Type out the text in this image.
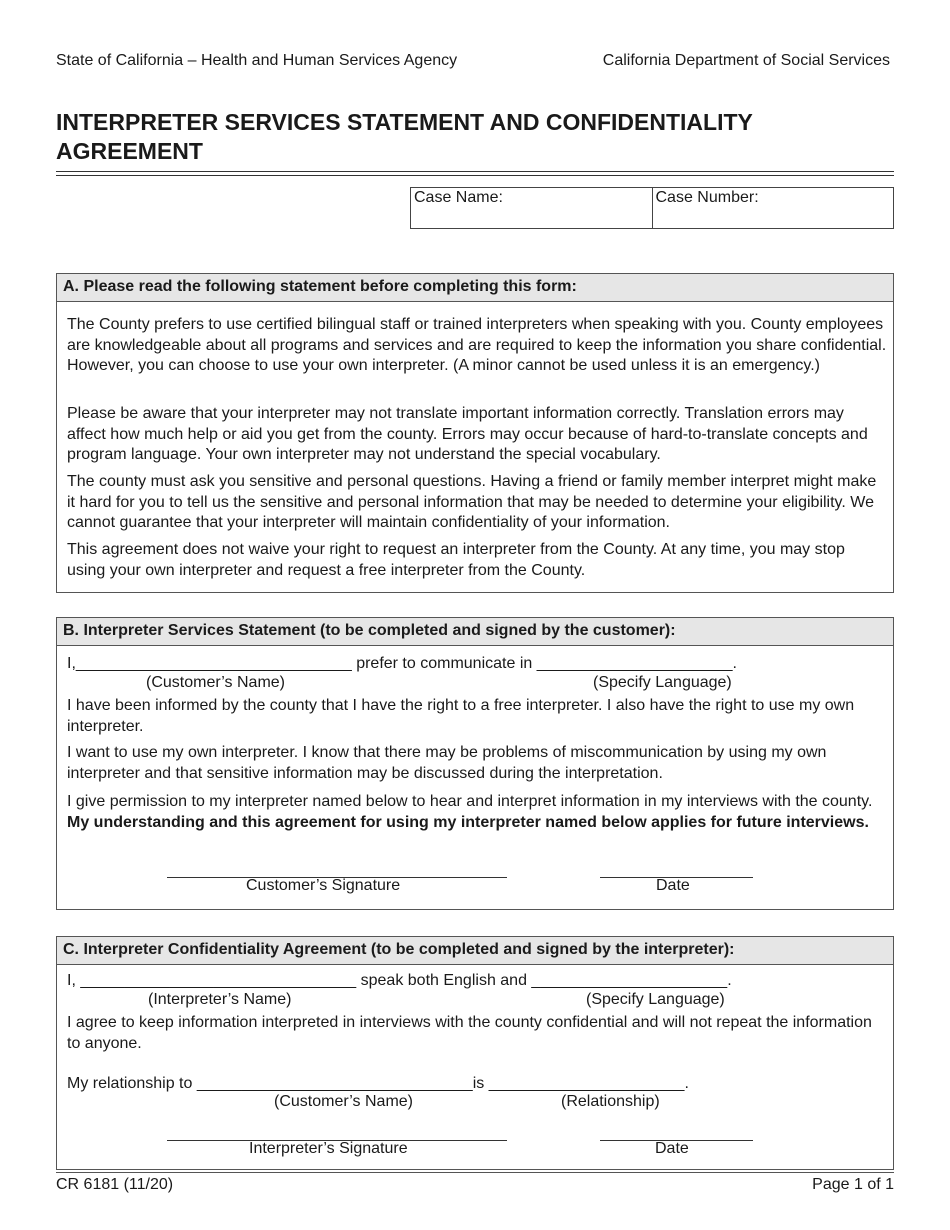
State of California – Health and Human Services Agency	California Department of Social Services
INTERPRETER SERVICES STATEMENT AND CONFIDENTIALITY AGREEMENT
Case Name:	Case Number:
A. Please read the following statement before completing this form:
The County prefers to use certified bilingual staff or trained interpreters when speaking with you. County employees are knowledgeable about all programs and services and are required to keep the information you share confidential. However, you can choose to use your own interpreter. (A minor cannot be used unless it is an emergency.)
Please be aware that your interpreter may not translate important information correctly. Translation errors may affect how much help or aid you get from the county. Errors may occur because of hard-to-translate concepts and program language. Your own interpreter may not understand the special vocabulary.
The county must ask you sensitive and personal questions. Having a friend or family member interpret might make it hard for you to tell us the sensitive and personal information that may be needed to determine your eligibility. We cannot guarantee that your interpreter will maintain confidentiality of your information.
This agreement does not waive your right to request an interpreter from the County. At any time, you may stop using your own interpreter and request a free interpreter from the County.
B. Interpreter Services Statement (to be completed and signed by the customer):
I,_______________________________ prefer to communicate in ______________________.
(Customer’s Name)	(Specify Language)
I have been informed by the county that I have the right to a free interpreter. I also have the right to use my own interpreter.
I want to use my own interpreter. I know that there may be problems of miscommunication by using my own interpreter and that sensitive information may be discussed during the interpretation.
I give permission to my interpreter named below to hear and interpret information in my interviews with the county. My understanding and this agreement for using my interpreter named below applies for future interviews.
Customer’s Signature	Date
C. Interpreter Confidentiality Agreement (to be completed and signed by the interpreter):
I, _______________________________ speak both English and ______________________.
(Interpreter’s Name)	(Specify Language)
I agree to keep information interpreted in interviews with the county confidential and will not repeat the information to anyone.
My relationship to _______________________________is ______________________.
(Customer’s Name)	(Relationship)
Interpreter’s Signature	Date
CR 6181 (11/20)	Page 1 of 1
